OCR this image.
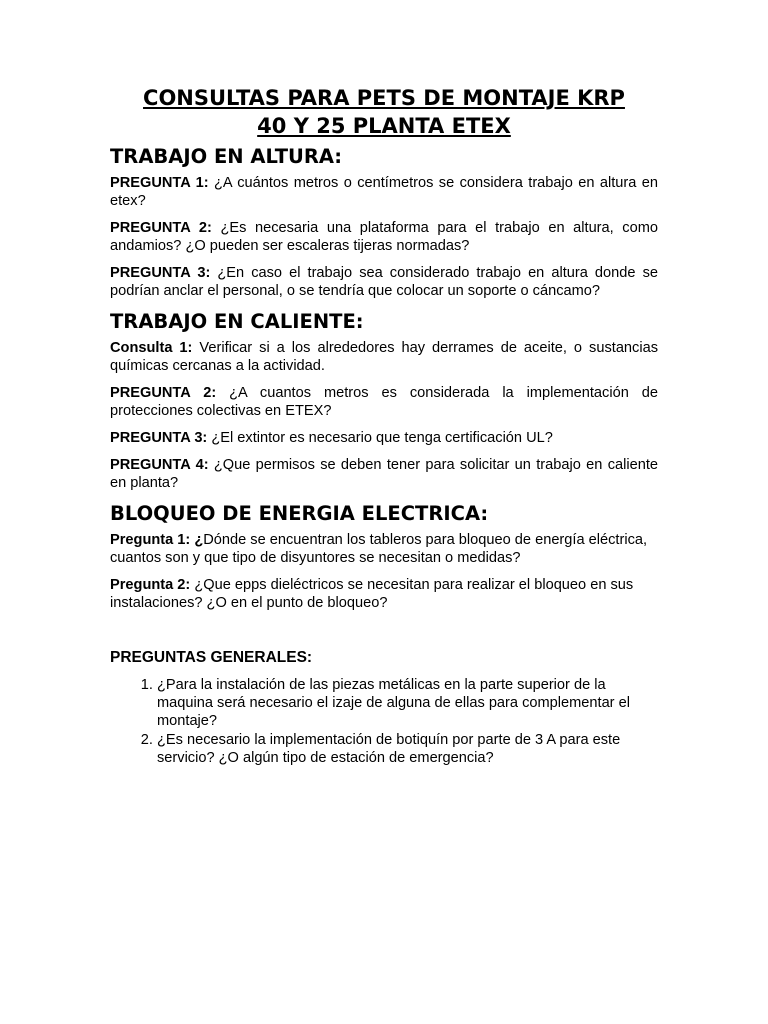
CONSULTAS PARA PETS DE MONTAJE KRP
40 Y 25 PLANTA ETEX
TRABAJO EN ALTURA:

PREGUNTA 1: ¿A cuántos metros o centímetros se considera trabajo en altura en etex?

PREGUNTA 2: ¿Es necesaria una plataforma para el trabajo en altura, como andamios? ¿O pueden ser escaleras tijeras normadas?

PREGUNTA 3: ¿En caso el trabajo sea considerado trabajo en altura donde se podrían anclar el personal, o se tendría que colocar un soporte o cáncamo?

TRABAJO EN CALIENTE:

Consulta 1: Verificar si a los alrededores hay derrames de aceite, o sustancias químicas cercanas a la actividad.

PREGUNTA 2: ¿A cuantos metros es considerada la implementación de protecciones colectivas en ETEX?

PREGUNTA 3: ¿El extintor es necesario que tenga certificación UL?

PREGUNTA 4: ¿Que permisos se deben tener para solicitar un trabajo en caliente en planta?

BLOQUEO DE ENERGIA ELECTRICA:

Pregunta 1: ¿Dónde se encuentran los tableros para bloqueo de energía eléctrica, cuantos son y que tipo de disyuntores se necesitan o medidas?

Pregunta 2: ¿Que epps dieléctricos se necesitan para realizar el bloqueo en sus instalaciones? ¿O en el punto de bloqueo?

PREGUNTAS GENERALES:
1. ¿Para la instalación de las piezas metálicas en la parte superior de la maquina será necesario el izaje de alguna de ellas para complementar el montaje?
2. ¿Es necesario la implementación de botiquín por parte de 3 A para este servicio? ¿O algún tipo de estación de emergencia?
